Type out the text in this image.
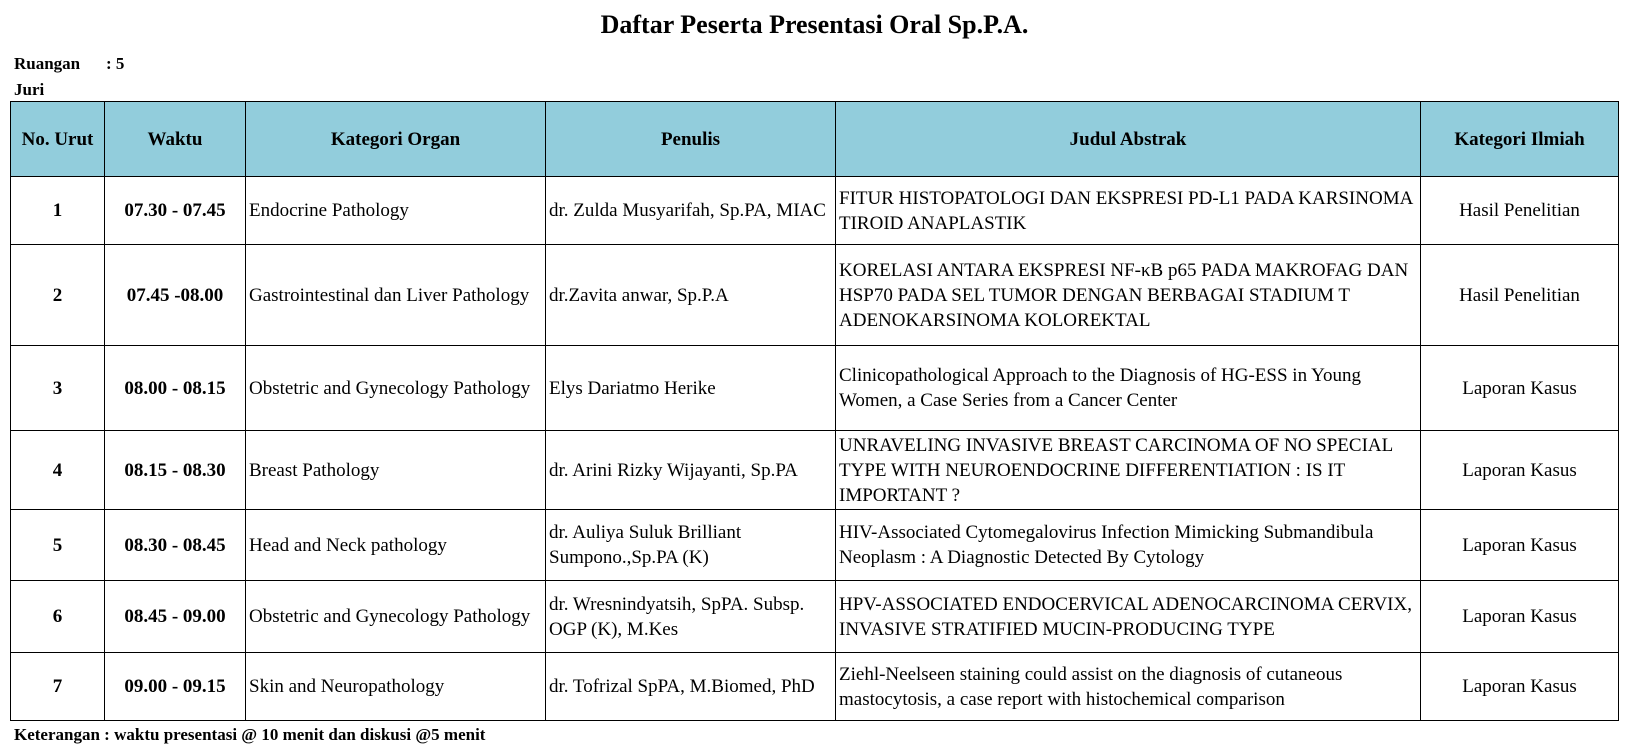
Daftar Peserta Presentasi Oral Sp.P.A.
Ruangan : 5
Juri
No. Urut	Waktu	Kategori Organ	Penulis	Judul Abstrak	Kategori Ilmiah
1	07.30 - 07.45	Endocrine Pathology	dr. Zulda Musyarifah, Sp.PA, MIAC	FITUR HISTOPATOLOGI DAN EKSPRESI PD-L1 PADA KARSINOMA TIROID ANAPLASTIK	Hasil Penelitian
2	07.45 -08.00	Gastrointestinal dan Liver Pathology	dr.Zavita anwar, Sp.P.A	KORELASI ANTARA EKSPRESI NF-κB p65 PADA MAKROFAG DAN HSP70 PADA SEL TUMOR DENGAN BERBAGAI STADIUM T ADENOKARSINOMA KOLOREKTAL	Hasil Penelitian
3	08.00 - 08.15	Obstetric and Gynecology Pathology	Elys Dariatmo Herike	Clinicopathological Approach to the Diagnosis of HG-ESS in Young Women, a Case Series from a Cancer Center	Laporan Kasus
4	08.15 - 08.30	Breast Pathology	dr. Arini Rizky Wijayanti, Sp.PA	UNRAVELING INVASIVE BREAST CARCINOMA OF NO SPECIAL TYPE WITH NEUROENDOCRINE DIFFERENTIATION : IS IT IMPORTANT ?	Laporan Kasus
5	08.30 - 08.45	Head and Neck pathology	dr. Auliya Suluk Brilliant Sumpono.,Sp.PA (K)	HIV-Associated Cytomegalovirus Infection Mimicking Submandibula Neoplasm : A Diagnostic Detected By Cytology	Laporan Kasus
6	08.45 - 09.00	Obstetric and Gynecology Pathology	dr. Wresnindyatsih, SpPA. Subsp. OGP (K), M.Kes	HPV-ASSOCIATED ENDOCERVICAL ADENOCARCINOMA CERVIX, INVASIVE STRATIFIED MUCIN-PRODUCING TYPE	Laporan Kasus
7	09.00 - 09.15	Skin and Neuropathology	dr. Tofrizal SpPA, M.Biomed, PhD	Ziehl-Neelseen staining could assist on the diagnosis of cutaneous mastocytosis, a case report with histochemical comparison	Laporan Kasus
Keterangan : waktu presentasi @ 10 menit dan diskusi @5 menit
